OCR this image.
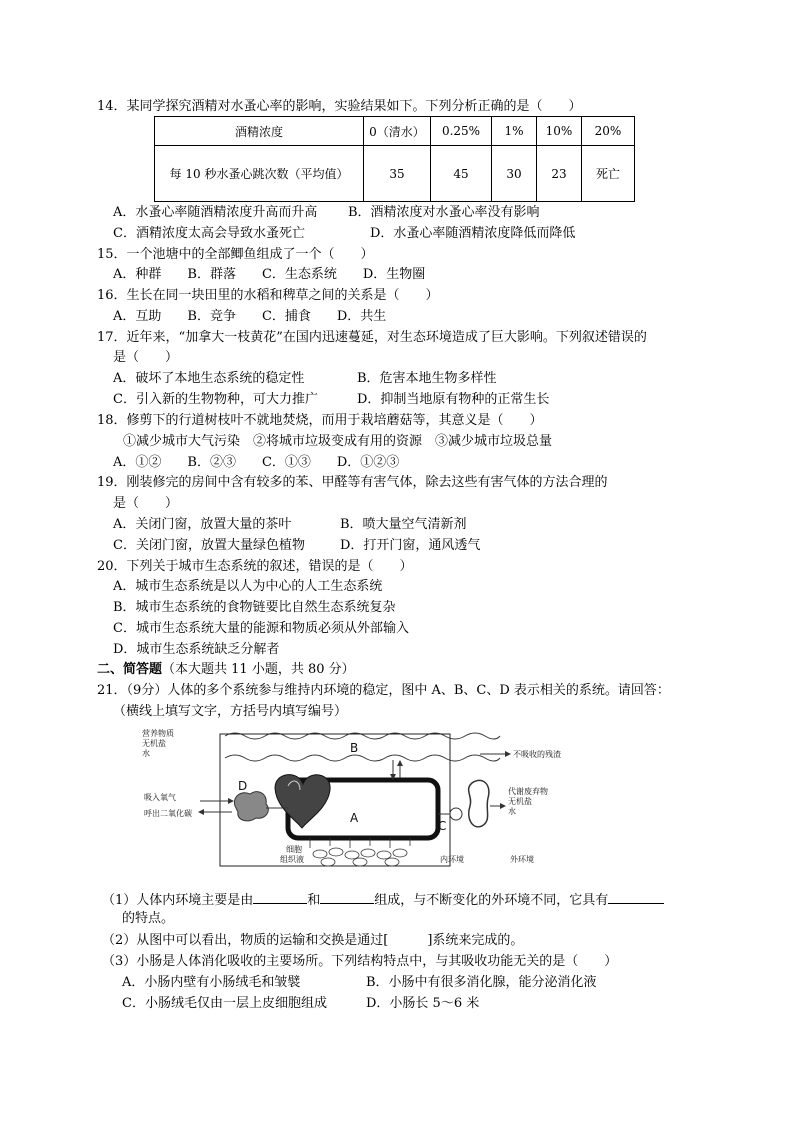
14．某同学探究酒精对水蚤心率的影响，实验结果如下。下列分析正确的是（　　）
酒精浓度	0（清水）	0.25%	1%	10%	20%
每 10 秒水蚤心跳次数（平均值）	35	45	30	23	死亡
A．水蚤心率随酒精浓度升高而升高 B．酒精浓度对水蚤心率没有影响
C．酒精浓度太高会导致水蚤死亡	D．水蚤心率随酒精浓度降低而降低
15．一个池塘中的全部鲫鱼组成了一个（　　）
A．种群　　B．群落　　C．生态系统　　D．生物圈
16．生长在同一块田里的水稻和稗草之间的关系是（　　）
A．互助　　B．竞争　　C．捕食　　D．共生
17．近年来，“加拿大一枝黄花”在国内迅速蔓延，对生态环境造成了巨大影响。下列叙述错误的
是（　　）
A．破坏了本地生态系统的稳定性	B．危害本地生物多样性
C．引入新的生物物种，可大力推广	D．抑制当地原有物种的正常生长
18．修剪下的行道树枝叶不就地焚烧，而用于栽培蘑菇等，其意义是（　　）
①减少城市大气污染　②将城市垃圾变成有用的资源　③减少城市垃圾总量
A．①②　　B．②③　　C．①③　　D．①②③
19．刚装修完的房间中含有较多的苯、甲醛等有害气体，除去这些有害气体的方法合理的
是（　　）
A．关闭门窗，放置大量的茶叶	B．喷大量空气清新剂
C．关闭门窗，放置大量绿色植物	D．打开门窗，通风透气
20．下列关于城市生态系统的叙述，错误的是（　　）
A．城市生态系统是以人为中心的人工生态系统
B．城市生态系统的食物链要比自然生态系统复杂
C．城市生态系统大量的能源和物质必须从外部输入
D．城市生态系统缺乏分解者
二、简答题（本大题共 11 小题，共 80 分）
21．（9分）人体的多个系统参与维持内环境的稳定，图中 A、B、C、D 表示相关的系统。请回答：
（横线上填写文字，方括号内填写编号）
营养物质
无机盐
水	不吸收的残渣
吸入氧气
呼出二氧化碳
代谢废弃物
无机盐
水
细胞
组织液	内环境	外环境
A
B
C
D
（1）人体内环境主要是由	和	组成，与不断变化的外环境不同，它具有
的特点。
（2）从图中可以看出，物质的运输和交换是通过[　　　]系统来完成的。
（3）小肠是人体消化吸收的主要场所。下列结构特点中，与其吸收功能无关的是（　　）
A．小肠内壁有小肠绒毛和皱襞	B．小肠中有很多消化腺，能分泌消化液
C．小肠绒毛仅由一层上皮细胞组成	D．小肠长 5～6 米
